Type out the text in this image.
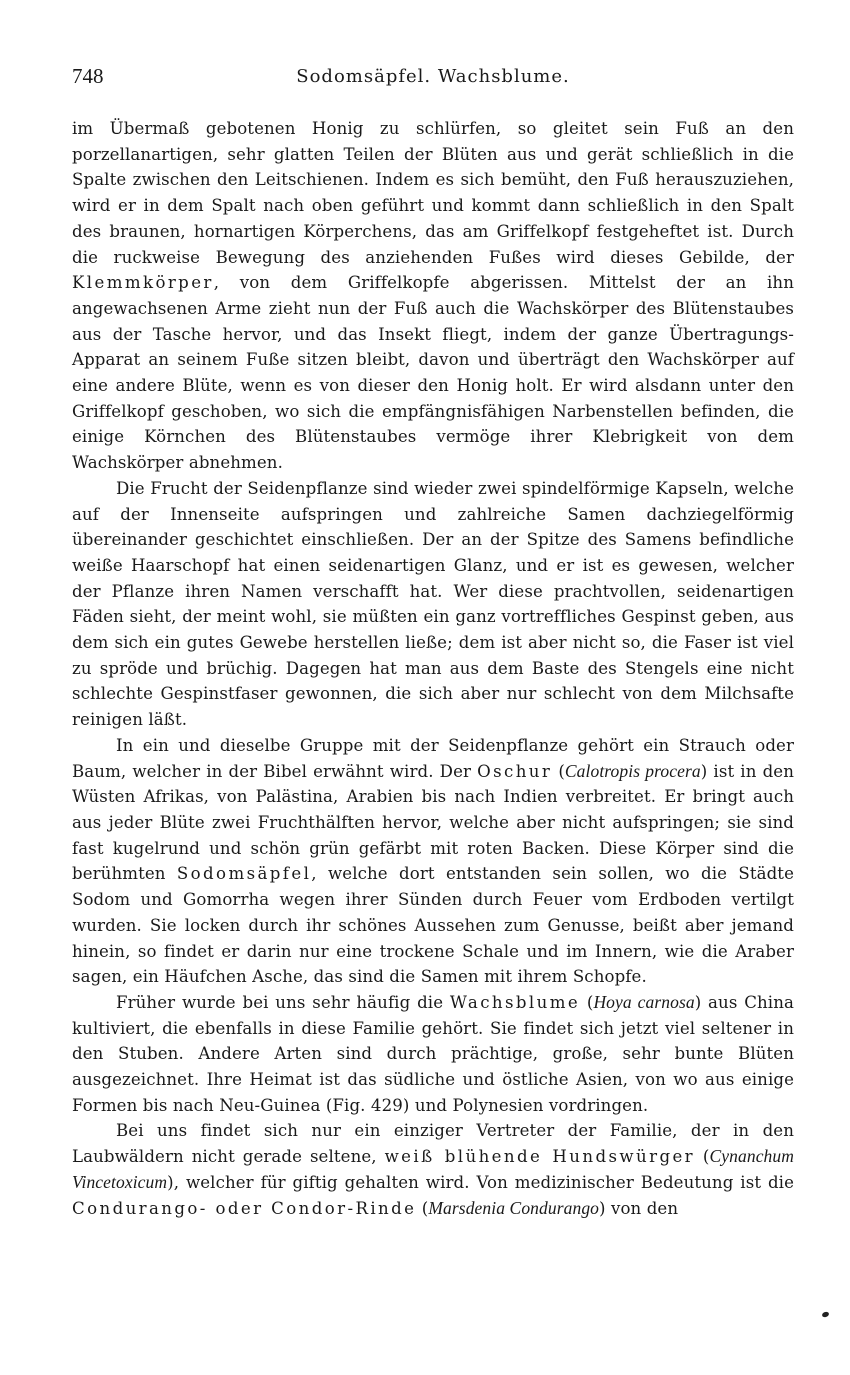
748	Sodomsäpfel. Wachsblume.

im Übermaß gebotenen Honig zu schlürfen, so gleitet sein Fuß an den porzellanartigen, sehr glatten Teilen der Blüten aus und gerät schließlich in die Spalte zwischen den Leitschienen. Indem es sich bemüht, den Fuß herauszuziehen, wird er in dem Spalt nach oben geführt und kommt dann schließlich in den Spalt des braunen, hornartigen Körperchens, das am Griffelkopf festgeheftet ist. Durch die ruckweise Bewegung des anziehenden Fußes wird dieses Gebilde, der Klemmkörper, von dem Griffelkopfe abgerissen. Mittelst der an ihn angewachsenen Arme zieht nun der Fuß auch die Wachskörper des Blütenstaubes aus der Tasche hervor, und das Insekt fliegt, indem der ganze Übertragungs-Apparat an seinem Fuße sitzen bleibt, davon und überträgt den Wachskörper auf eine andere Blüte, wenn es von dieser den Honig holt. Er wird alsdann unter den Griffelkopf geschoben, wo sich die empfängnisfähigen Narbenstellen befinden, die einige Körnchen des Blütenstaubes vermöge ihrer Klebrigkeit von dem Wachskörper abnehmen.

Die Frucht der Seidenpflanze sind wieder zwei spindelförmige Kapseln, welche auf der Innenseite aufspringen und zahlreiche Samen dachziegelförmig übereinander geschichtet einschließen. Der an der Spitze des Samens befindliche weiße Haarschopf hat einen seidenartigen Glanz, und er ist es gewesen, welcher der Pflanze ihren Namen verschafft hat. Wer diese prachtvollen, seidenartigen Fäden sieht, der meint wohl, sie müßten ein ganz vortreffliches Gespinst geben, aus dem sich ein gutes Gewebe herstellen ließe; dem ist aber nicht so, die Faser ist viel zu spröde und brüchig. Dagegen hat man aus dem Baste des Stengels eine nicht schlechte Gespinstfaser gewonnen, die sich aber nur schlecht von dem Milchsafte reinigen läßt.

In ein und dieselbe Gruppe mit der Seidenpflanze gehört ein Strauch oder Baum, welcher in der Bibel erwähnt wird. Der Oschur (Calotropis procera) ist in den Wüsten Afrikas, von Palästina, Arabien bis nach Indien verbreitet. Er bringt auch aus jeder Blüte zwei Fruchthälften hervor, welche aber nicht aufspringen; sie sind fast kugelrund und schön grün gefärbt mit roten Backen. Diese Körper sind die berühmten Sodomsäpfel, welche dort entstanden sein sollen, wo die Städte Sodom und Gomorrha wegen ihrer Sünden durch Feuer vom Erdboden vertilgt wurden. Sie locken durch ihr schönes Aussehen zum Genusse, beißt aber jemand hinein, so findet er darin nur eine trockene Schale und im Innern, wie die Araber sagen, ein Häufchen Asche, das sind die Samen mit ihrem Schopfe.

Früher wurde bei uns sehr häufig die Wachsblume (Hoya carnosa) aus China kultiviert, die ebenfalls in diese Familie gehört. Sie findet sich jetzt viel seltener in den Stuben. Andere Arten sind durch prächtige, große, sehr bunte Blüten ausgezeichnet. Ihre Heimat ist das südliche und östliche Asien, von wo aus einige Formen bis nach Neu-Guinea (Fig. 429) und Polynesien vordringen.

Bei uns findet sich nur ein einziger Vertreter der Familie, der in den Laubwäldern nicht gerade seltene, weiß blühende Hundswürger (Cynanchum Vincetoxicum), welcher für giftig gehalten wird. Von medizinischer Bedeutung ist die Condurango- oder Condor-Rinde (Marsdenia Condurango) von den
